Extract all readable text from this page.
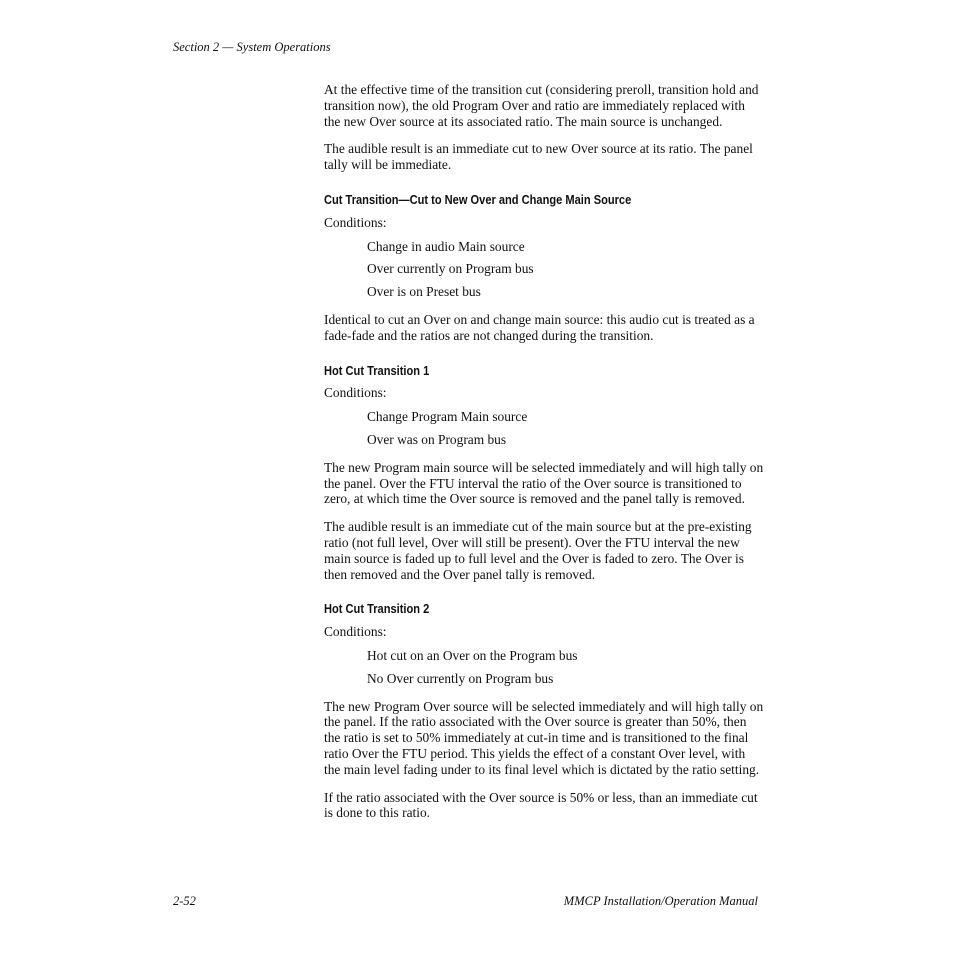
Section 2 — System Operations

At the effective time of the transition cut (considering preroll, transition hold and transition now), the old Program Over and ratio are immediately replaced with the new Over source at its associated ratio. The main source is unchanged.

The audible result is an immediate cut to new Over source at its ratio. The panel tally will be immediate.

Cut Transition—Cut to New Over and Change Main Source
Conditions:
Change in audio Main source
Over currently on Program bus
Over is on Preset bus

Identical to cut an Over on and change main source: this audio cut is treated as a fade-fade and the ratios are not changed during the transition.

Hot Cut Transition 1
Conditions:
Change Program Main source
Over was on Program bus

The new Program main source will be selected immediately and will high tally on the panel. Over the FTU interval the ratio of the Over source is transitioned to zero, at which time the Over source is removed and the panel tally is removed.

The audible result is an immediate cut of the main source but at the pre-existing ratio (not full level, Over will still be present). Over the FTU interval the new main source is faded up to full level and the Over is faded to zero. The Over is then removed and the Over panel tally is removed.

Hot Cut Transition 2
Conditions:
Hot cut on an Over on the Program bus
No Over currently on Program bus

The new Program Over source will be selected immediately and will high tally on the panel. If the ratio associated with the Over source is greater than 50%, then the ratio is set to 50% immediately at cut-in time and is transitioned to the final ratio Over the FTU period. This yields the effect of a constant Over level, with the main level fading under to its final level which is dictated by the ratio setting.

If the ratio associated with the Over source is 50% or less, than an immediate cut is done to this ratio.

2-52	MMCP Installation/Operation Manual
